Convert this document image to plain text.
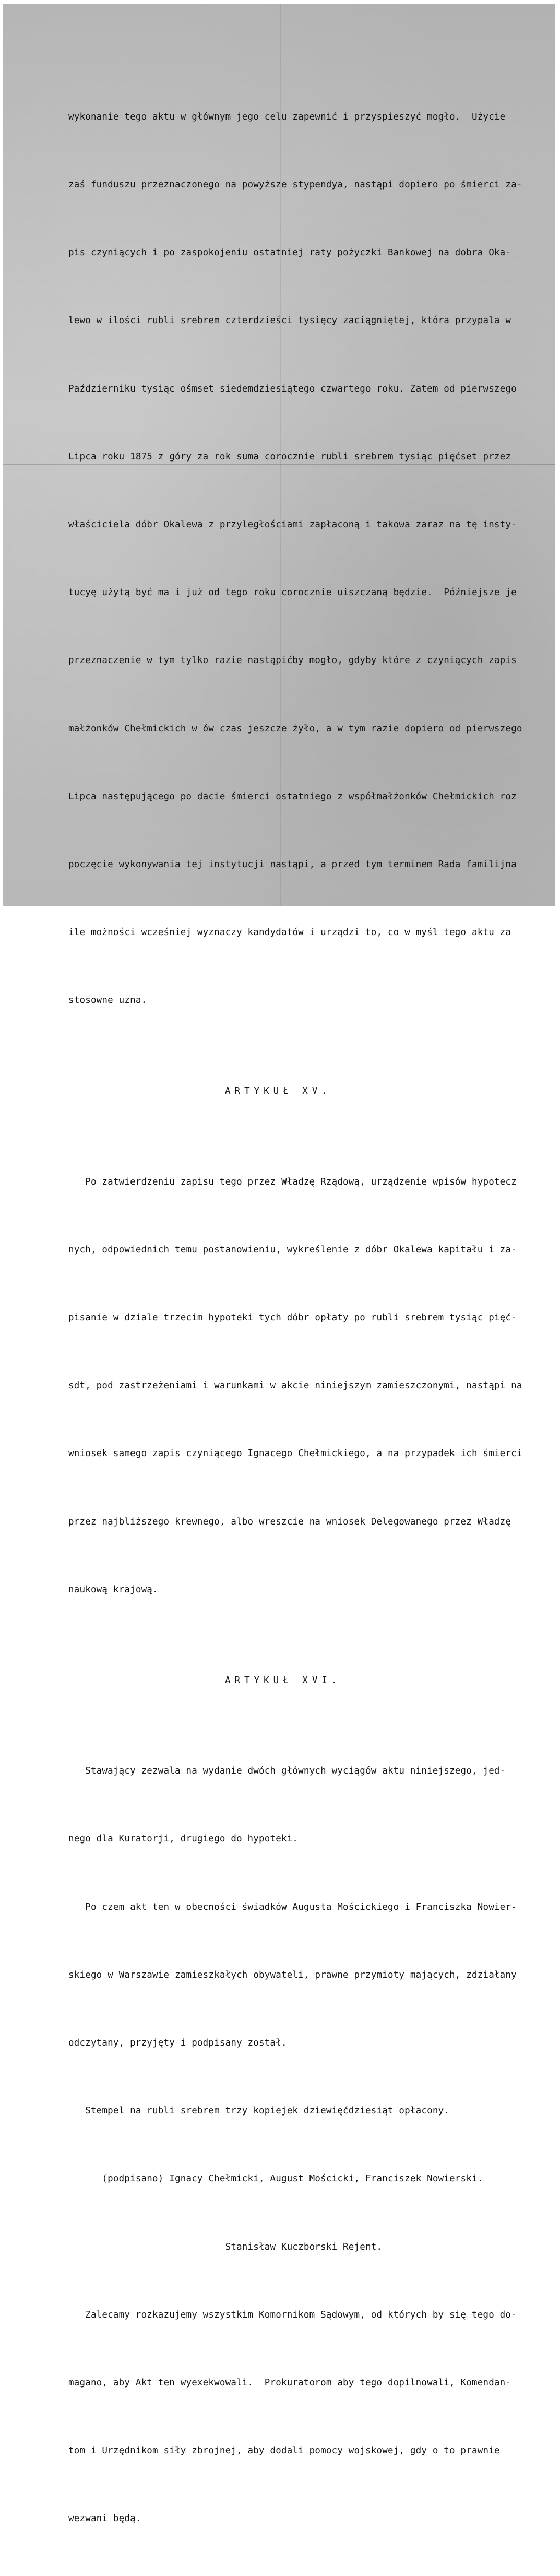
wykonanie tego aktu w głównym jego celu zapewnić i przyspieszyć mogło.  Użycie

zaś funduszu przeznaczonego na powyższe stypendya, nastąpi dopiero po śmierci za-

pis czyniących i po zaspokojeniu ostatniej raty pożyczki Bankowej na dobra Oka-

lewo w ilości rubli srebrem czterdzieści tysięcy zaciągniętej, która przypala w

Październiku tysiąc ośmset siedemdziesiątego czwartego roku. Zatem od pierwszego

Lipca roku 1875 z góry za rok suma corocznie rubli srebrem tysiąc pięćset przez

właściciela dóbr Okalewa z przyległościami zapłaconą i takowa zaraz na tę insty-

tucyę użytą być ma i już od tego roku corocznie uiszczaną będzie.  Późniejsze je

przeznaczenie w tym tylko razie nastąpićby mogło, gdyby które z czyniących zapis

małżonków Chełmickich w ów czas jeszcze żyło, a w tym razie dopiero od pierwszego

Lipca następującego po dacie śmierci ostatniego z współmałżonków Chełmickich roz

poczęcie wykonywania tej instytucji nastąpi, a przed tym terminem Rada familijna

ile możności wcześniej wyznaczy kandydatów i urządzi to, co w myśl tego aktu za

stosowne uzna.

ARTYKUŁ XV.

Po zatwierdzeniu zapisu tego przez Władzę Rządową, urządzenie wpisów hypotecz

nych, odpowiednich temu postanowieniu, wykreślenie z dóbr Okalewa kapitału i za-

pisanie w dziale trzecim hypoteki tych dóbr opłaty po rubli srebrem tysiąc pięć-

sdt, pod zastrzeżeniami i warunkami w akcie niniejszym zamieszczonymi, nastąpi na

wniosek samego zapis czyniącego Ignacego Chełmickiego, a na przypadek ich śmierci

przez najbliższego krewnego, albo wreszcie na wniosek Delegowanego przez Władzę

naukową krajową.

ARTYKUŁ XVI.

Stawający zezwala na wydanie dwóch głównych wyciągów aktu niniejszego, jed-

nego dla Kuratorji, drugiego do hypoteki.

Po czem akt ten w obecności świadków Augusta Mościckiego i Franciszka Nowier-

skiego w Warszawie zamieszkałych obywateli, prawne przymioty mających, zdziałany

odczytany, przyjęty i podpisany został.

Stempel na rubli srebrem trzy kopiejek dziewięćdziesiąt opłacony.

(podpisano) Ignacy Chełmicki, August Mościcki, Franciszek Nowierski.

Stanisław Kuczborski Rejent.

Zalecamy rozkazujemy wszystkim Komornikom Sądowym, od których by się tego do-

magano, aby Akt ten wyexekwowali.  Prokuratorom aby tego dopilnowali, Komendan-

tom i Urzędnikom siły zbrojnej, aby dodali pomocy wojskowej, gdy o to prawnie

wezwani będą.
